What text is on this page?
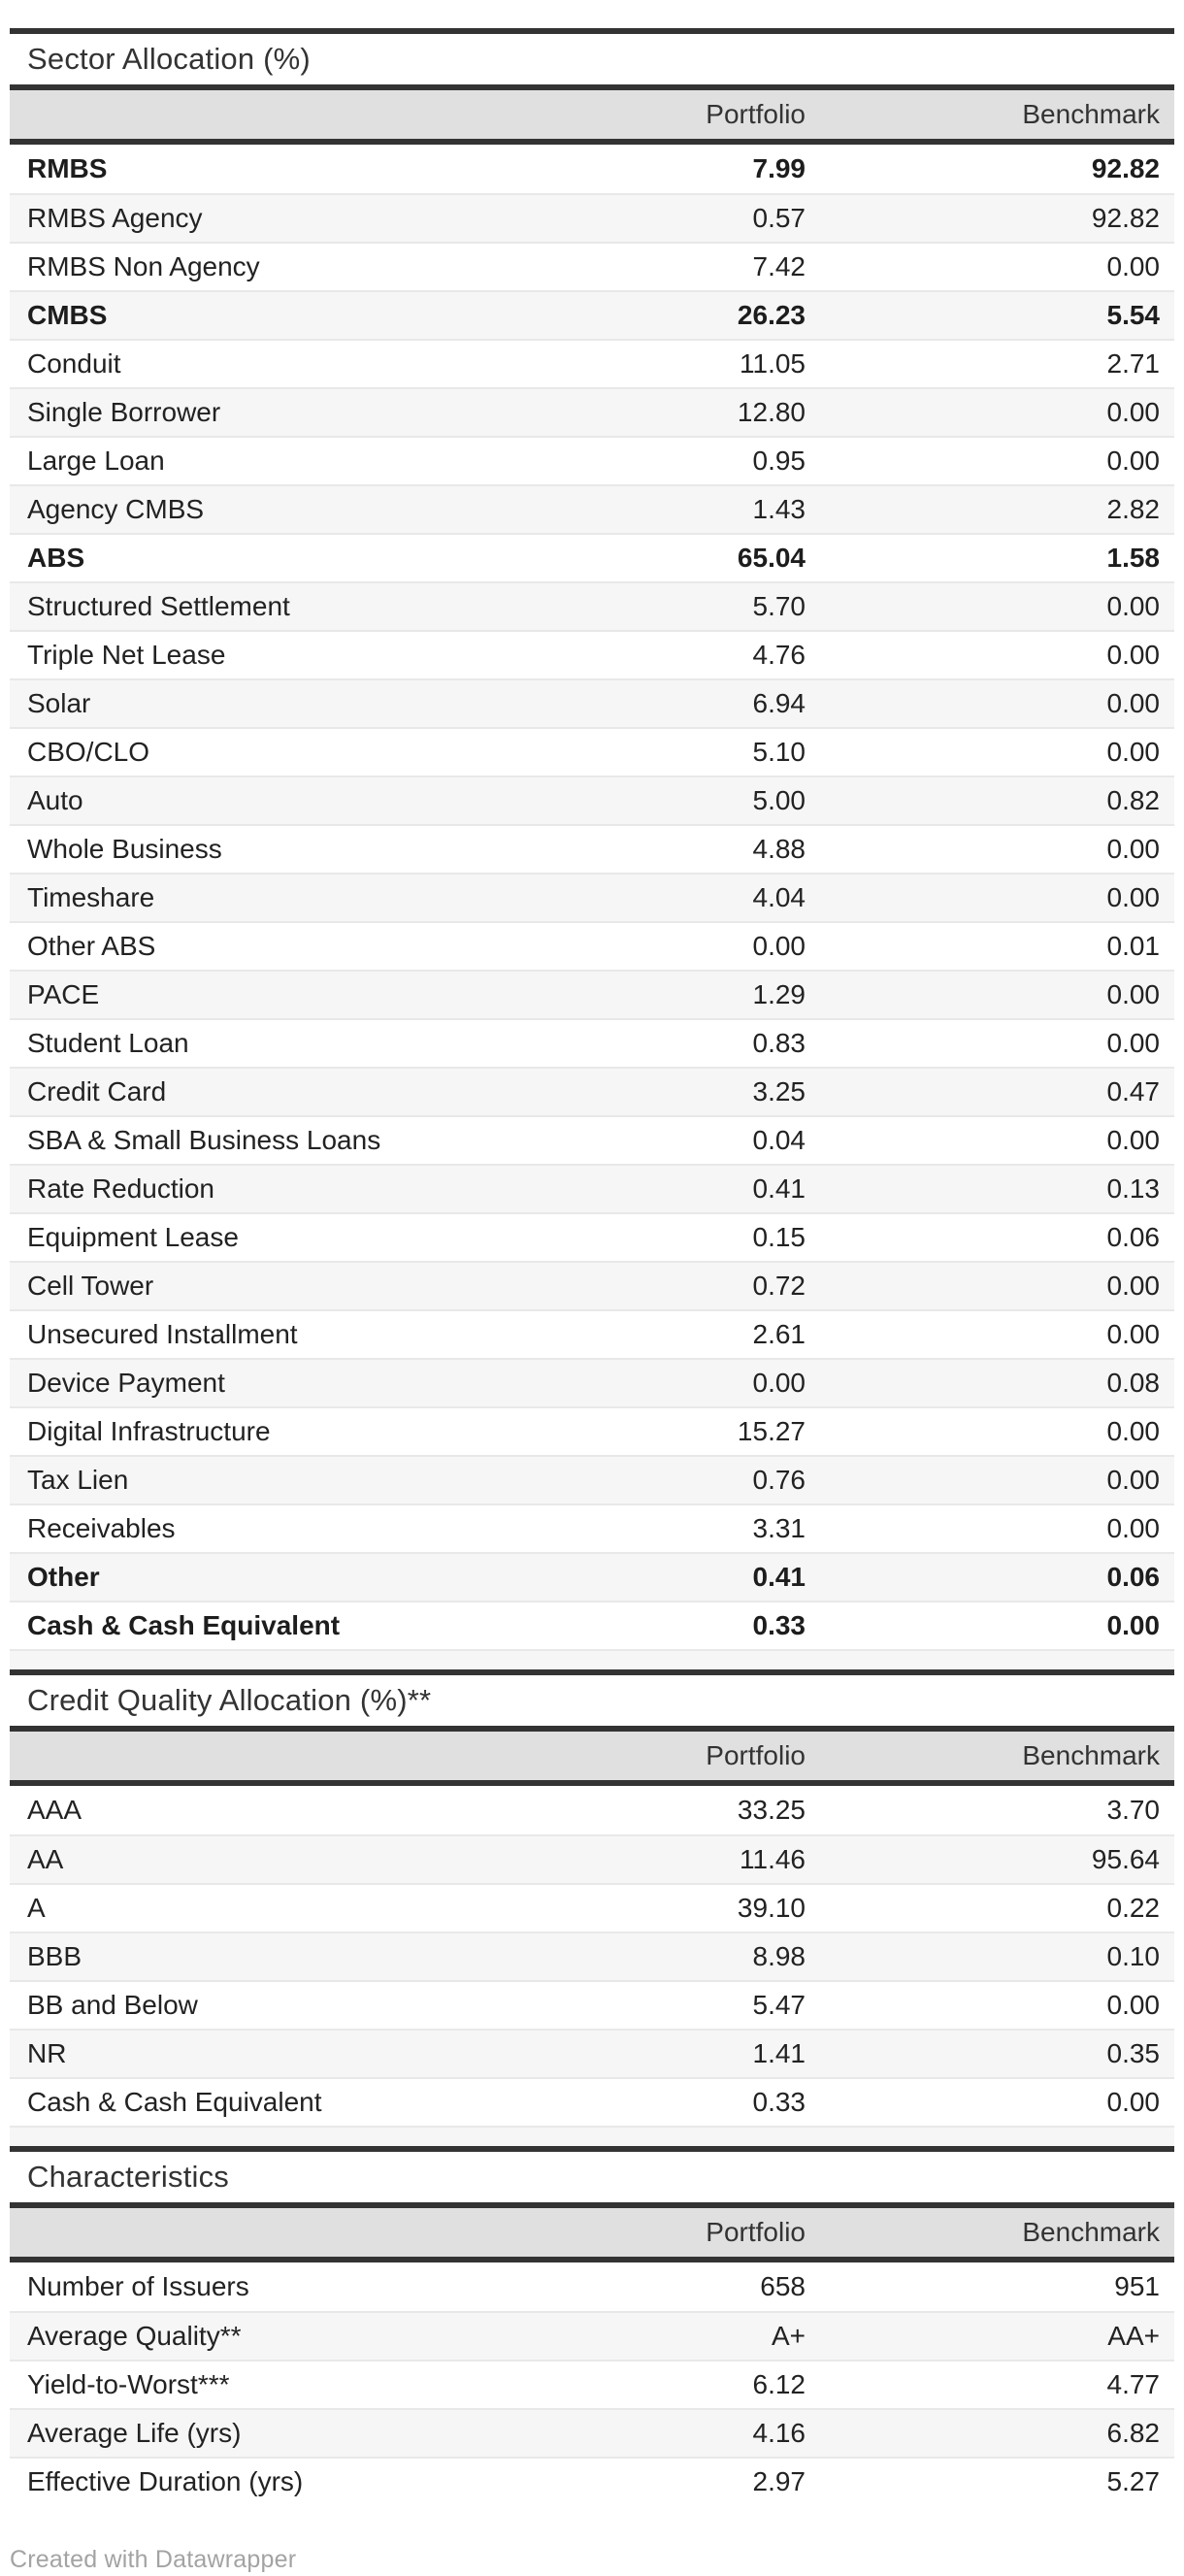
Sector Allocation (%)
Portfolio	Benchmark
RMBS	7.99	92.82
RMBS Agency	0.57	92.82
RMBS Non Agency	7.42	0.00
CMBS	26.23	5.54
Conduit	11.05	2.71
Single Borrower	12.80	0.00
Large Loan	0.95	0.00
Agency CMBS	1.43	2.82
ABS	65.04	1.58
Structured Settlement	5.70	0.00
Triple Net Lease	4.76	0.00
Solar	6.94	0.00
CBO/CLO	5.10	0.00
Auto	5.00	0.82
Whole Business	4.88	0.00
Timeshare	4.04	0.00
Other ABS	0.00	0.01
PACE	1.29	0.00
Student Loan	0.83	0.00
Credit Card	3.25	0.47
SBA & Small Business Loans	0.04	0.00
Rate Reduction	0.41	0.13
Equipment Lease	0.15	0.06
Cell Tower	0.72	0.00
Unsecured Installment	2.61	0.00
Device Payment	0.00	0.08
Digital Infrastructure	15.27	0.00
Tax Lien	0.76	0.00
Receivables	3.31	0.00
Other	0.41	0.06
Cash & Cash Equivalent	0.33	0.00
Credit Quality Allocation (%)**
Portfolio	Benchmark
AAA	33.25	3.70
AA	11.46	95.64
A	39.10	0.22
BBB	8.98	0.10
BB and Below	5.47	0.00
NR	1.41	0.35
Cash & Cash Equivalent	0.33	0.00
Characteristics
Portfolio	Benchmark
Number of Issuers	658	951
Average Quality**	A+	AA+
Yield-to-Worst***	6.12	4.77
Average Life (yrs)	4.16	6.82
Effective Duration (yrs)	2.97	5.27
Created with Datawrapper
